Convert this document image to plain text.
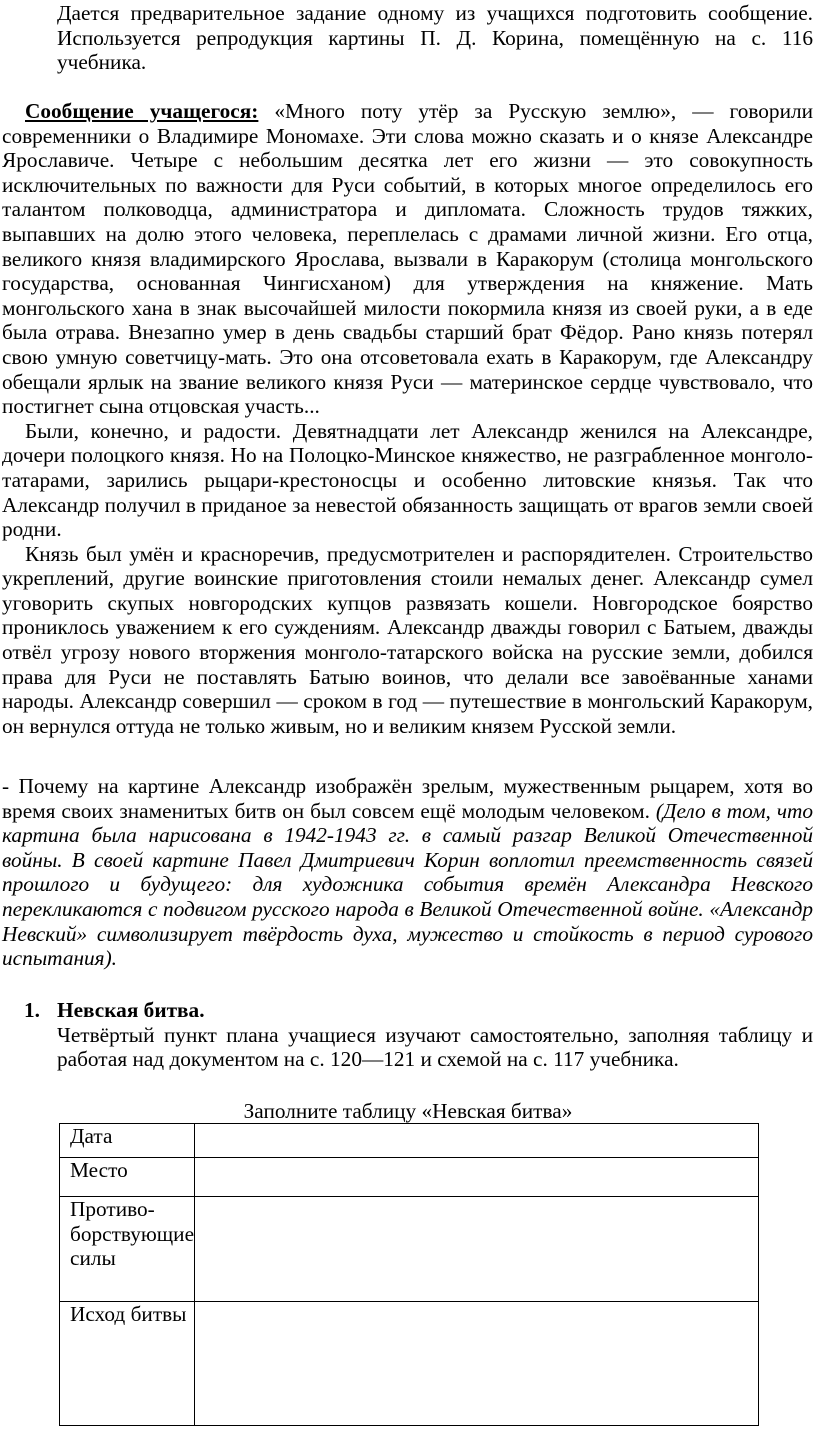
Дается предварительное задание одному из учащихся подготовить сообщение. Используется репродукция картины П. Д. Корина, помещённую на с. 116 учебника.

Сообщение учащегося: «Много поту утёр за Русскую землю», — говорили современники о Владимире Мономахе. Эти слова можно сказать и о князе Александре Ярославиче. Четыре с небольшим десятка лет его жизни — это совокупность исключительных по важности для Руси событий, в которых многое определилось его талантом полководца, администратора и дипломата. Сложность трудов тяжких, выпавших на долю этого человека, переплелась с драмами личной жизни. Его отца, великого князя владимирского Ярослава, вызвали в Каракорум (столица монгольского государства, основанная Чингисханом) для утверждения на княжение. Мать монгольского хана в знак высочайшей милости покормила князя из своей руки, а в еде была отрава. Внезапно умер в день свадьбы старший брат Фёдор. Рано князь потерял свою умную советчицу-мать. Это она отсоветовала ехать в Каракорум, где Александру обещали ярлык на звание великого князя Руси — материнское сердце чувствовало, что постигнет сына отцовская участь...

Были, конечно, и радости. Девятнадцати лет Александр женился на Александре, дочери полоцкого князя. Но на Полоцко-Минское княжество, не разграбленное монголо-татарами, зарились рыцари-крестоносцы и особенно литовские князья. Так что Александр получил в приданое за невестой обязанность защищать от врагов земли своей родни.

Князь был умён и красноречив, предусмотрителен и распорядителен. Строительство укреплений, другие воинские приготовления стоили немалых денег. Александр сумел уговорить скупых новгородских купцов развязать кошели. Новгородское боярство прониклось уважением к его суждениям. Александр дважды говорил с Батыем, дважды отвёл угрозу нового вторжения монголо-татарского войска на русские земли, добился права для Руси не поставлять Батыю воинов, что делали все завоёванные ханами народы. Александр совершил — сроком в год — путешествие в монгольский Каракорум, он вернулся оттуда не только живым, но и великим князем Русской земли.

- Почему на картине Александр изображён зрелым, мужественным рыцарем, хотя во время своих знаменитых битв он был совсем ещё молодым человеком. (Дело в том, что картина была нарисована в 1942-1943 гг. в самый разгар Великой Отечественной войны. В своей картине Павел Дмитриевич Корин воплотил преемственность связей прошлого и будущего: для художника события времён Александра Невского перекликаются с подвигом русского народа в Великой Отечественной войне. «Александр Невский» символизирует твёрдость духа, мужество и стойкость в период сурового испытания).

1. Невская битва.

Четвёртый пункт плана учащиеся изучают самостоятельно, заполняя таблицу и работая над документом на с. 120—121 и схемой на с. 117 учебника.

Заполните таблицу «Невская битва»
Дата	
Место	
Противо-борствующие силы	
Исход битвы	
